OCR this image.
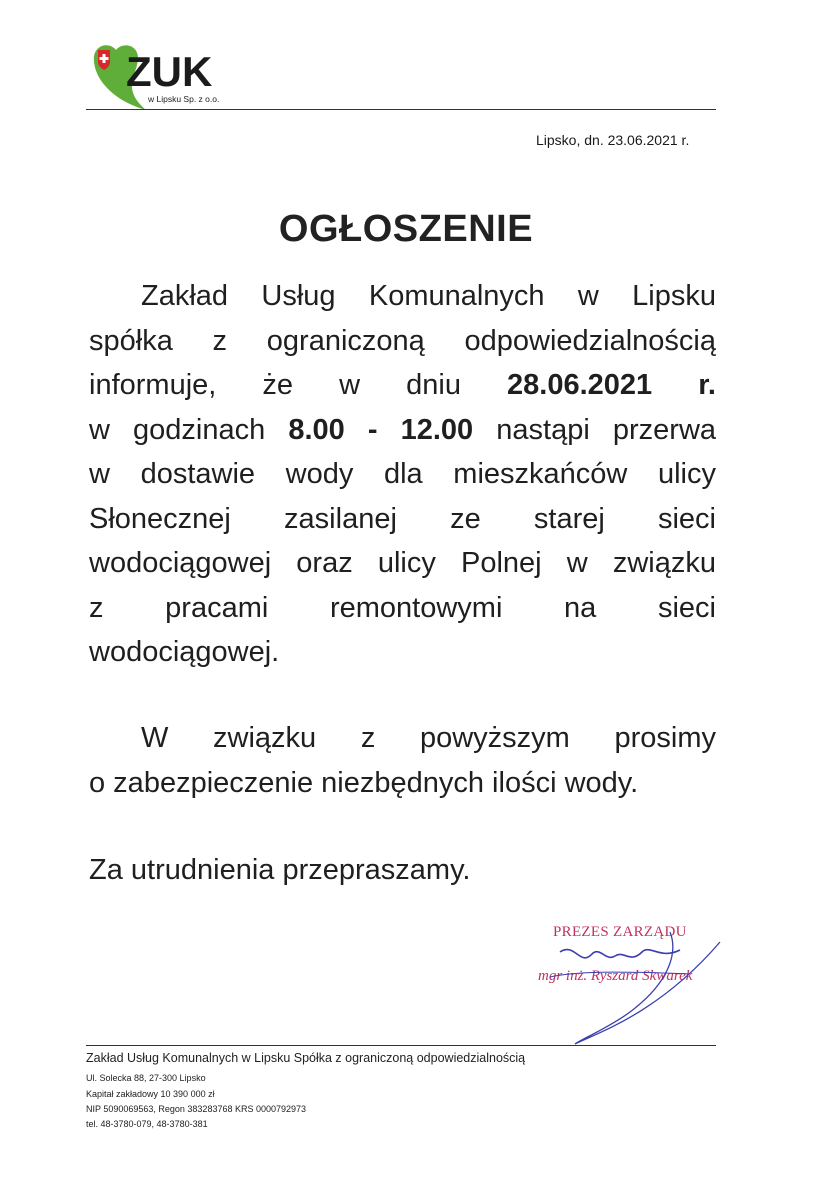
ZUK
w Lipsku Sp. z o.o.
Lipsko, dn. 23.06.2021 r.
OGŁOSZENIE
Zakład Usług Komunalnych w Lipsku
spółka z ograniczoną odpowiedzialnością
informuje, że w dniu 28.06.2021 r.
w godzinach 8.00 - 12.00 nastąpi przerwa
w dostawie wody dla mieszkańców ulicy
Słonecznej zasilanej ze starej sieci
wodociągowej oraz ulicy Polnej w związku
z pracami remontowymi na sieci
wodociągowej.
W związku z powyższym prosimy
o zabezpieczenie niezbędnych ilości wody.
Za utrudnienia przepraszamy.
PREZES ZARZĄDU
mgr inż. Ryszard Skwarek
Zakład Usług Komunalnych w Lipsku Spółka z ograniczoną odpowiedzialnością
Ul. Solecka 88, 27-300 Lipsko
Kapitał zakładowy 10 390 000 zł
NIP 5090069563, Regon 383283768 KRS 0000792973
tel. 48-3780-079, 48-3780-381
